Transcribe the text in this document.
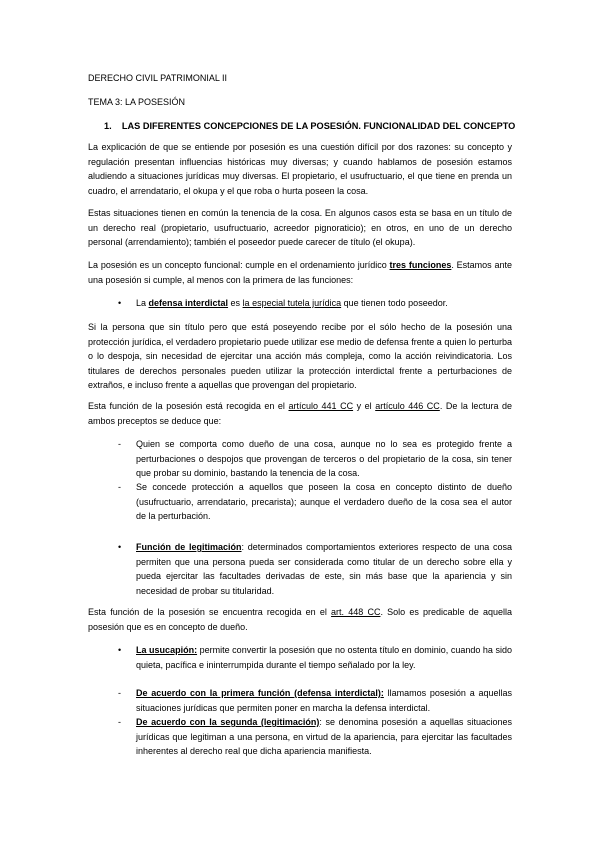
DERECHO CIVIL PATRIMONIAL II
TEMA 3: LA POSESIÓN
1. LAS DIFERENTES CONCEPCIONES DE LA POSESIÓN. FUNCIONALIDAD DEL CONCEPTO
La explicación de que se entiende por posesión es una cuestión difícil por dos razones: su concepto y regulación presentan influencias históricas muy diversas; y cuando hablamos de posesión estamos aludiendo a situaciones jurídicas muy diversas. El propietario, el usufructuario, el que tiene en prenda un cuadro, el arrendatario, el okupa y el que roba o hurta poseen la cosa.
Estas situaciones tienen en común la tenencia de la cosa. En algunos casos esta se basa en un título de un derecho real (propietario, usufructuario, acreedor pignoraticio); en otros, en uno de un derecho personal (arrendamiento); también el poseedor puede carecer de título (el okupa).
La posesión es un concepto funcional: cumple en el ordenamiento jurídico tres funciones. Estamos ante una posesión si cumple, al menos con la primera de las funciones:
• La defensa interdictal es la especial tutela jurídica que tienen todo poseedor.
Si la persona que sin título pero que está poseyendo recibe por el sólo hecho de la posesión una protección jurídica, el verdadero propietario puede utilizar ese medio de defensa frente a quien lo perturba o lo despoja, sin necesidad de ejercitar una acción más compleja, como la acción reivindicatoria. Los titulares de derechos personales pueden utilizar la protección interdictal frente a perturbaciones de extraños, e incluso frente a aquellas que provengan del propietario.
Esta función de la posesión está recogida en el artículo 441 CC y el artículo 446 CC. De la lectura de ambos preceptos se deduce que:
- Quien se comporta como dueño de una cosa, aunque no lo sea es protegido frente a perturbaciones o despojos que provengan de terceros o del propietario de la cosa, sin tener que probar su dominio, bastando la tenencia de la cosa.
- Se concede protección a aquellos que poseen la cosa en concepto distinto de dueño (usufructuario, arrendatario, precarista); aunque el verdadero dueño de la cosa sea el autor de la perturbación.
• Función de legitimación: determinados comportamientos exteriores respecto de una cosa permiten que una persona pueda ser considerada como titular de un derecho sobre ella y pueda ejercitar las facultades derivadas de este, sin más base que la apariencia y sin necesidad de probar su titularidad.
Esta función de la posesión se encuentra recogida en el art. 448 CC. Solo es predicable de aquella posesión que es en concepto de dueño.
• La usucapión: permite convertir la posesión que no ostenta título en dominio, cuando ha sido quieta, pacífica e ininterrumpida durante el tiempo señalado por la ley.
- De acuerdo con la primera función (defensa interdictal): llamamos posesión a aquellas situaciones jurídicas que permiten poner en marcha la defensa interdictal.
- De acuerdo con la segunda (legitimación): se denomina posesión a aquellas situaciones jurídicas que legitiman a una persona, en virtud de la apariencia, para ejercitar las facultades inherentes al derecho real que dicha apariencia manifiesta.
